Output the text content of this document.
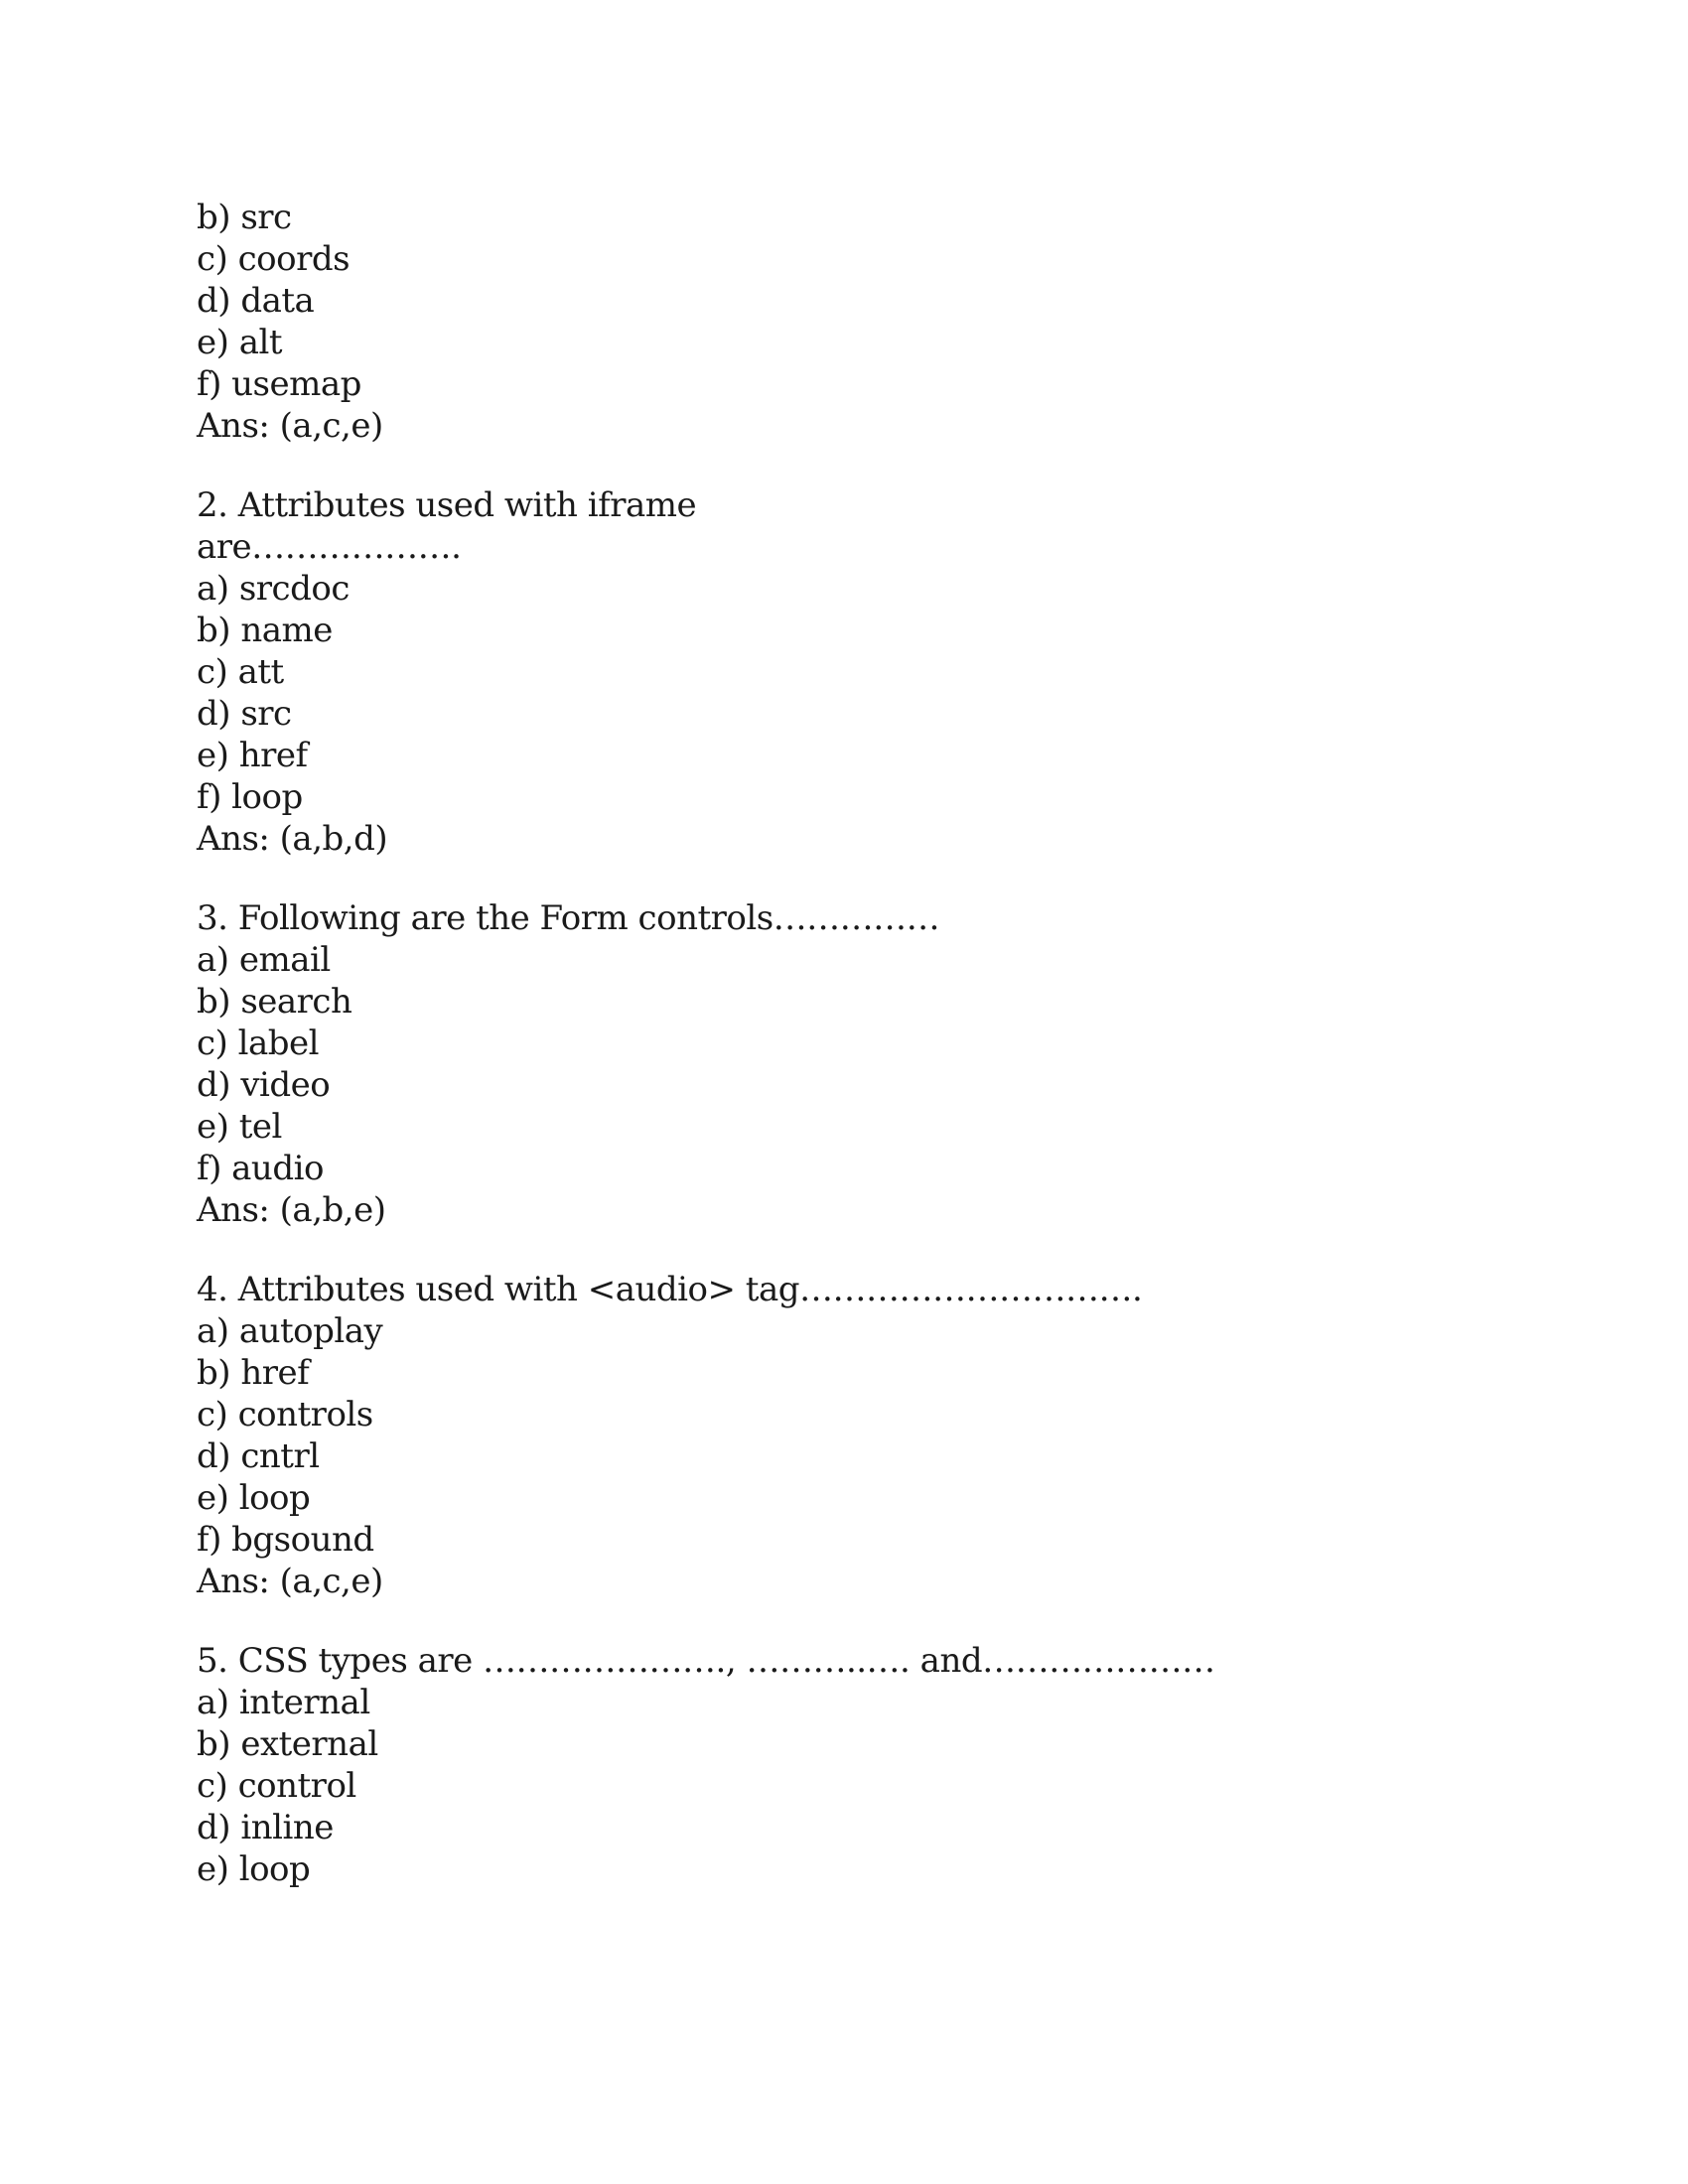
b) src
c) coords
d) data
e) alt
f) usemap
Ans: (a,c,e)
2. Attributes used with iframe
are……………….
a) srcdoc
b) name
c) att
d) src
e) href
f) loop
Ans: (a,b,d)
3. Following are the Form controls……………
a) email
b) search
c) label
d) video
e) tel
f) audio
Ans: (a,b,e)
4. Attributes used with <audio> tag………………………….
a) autoplay
b) href
c) controls
d) cntrl
e) loop
f) bgsound
Ans: (a,c,e)
5. CSS types are …………………., ………..…. and…………………
a) internal
b) external
c) control
d) inline
e) loop
